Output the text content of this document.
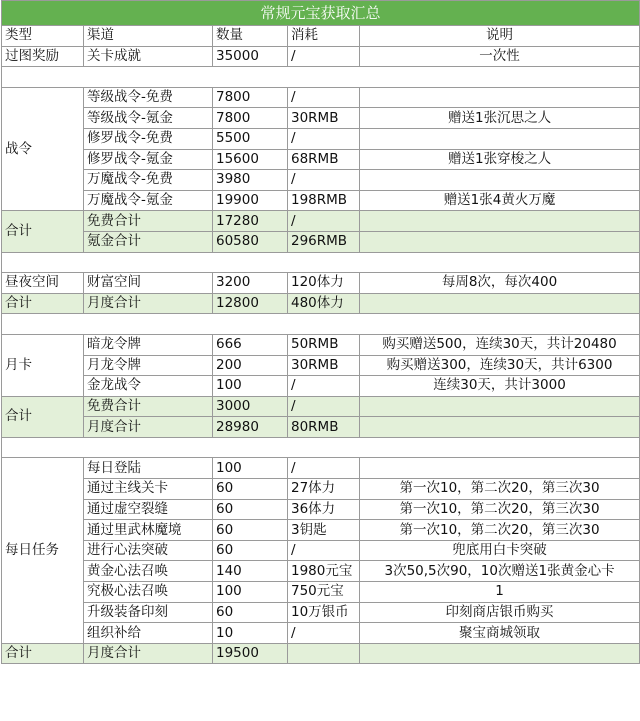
常规元宝获取汇总				
类型	渠道	数量	消耗	说明
过图奖励	关卡成就	35000	/	一次性

战令	等级战令-免费	7800	/	
	等级战令-氪金	7800	30RMB	赠送1张沉思之人
	修罗战令-免费	5500	/	
	修罗战令-氪金	15600	68RMB	赠送1张穿梭之人
	万魔战令-免费	3980	/	
	万魔战令-氪金	19900	198RMB	赠送1张4黄火万魔
合计	免费合计	17280	/	
	氪金合计	60580	296RMB	

昼夜空间	财富空间	3200	120体力	每周8次，每次400
合计	月度合计	12800	480体力	

月卡	暗龙令牌	666	50RMB	购买赠送500，连续30天，共计20480
	月龙令牌	200	30RMB	购买赠送300，连续30天，共计6300
	金龙战令	100	/	连续30天，共计3000
合计	免费合计	3000	/	
	月度合计	28980	80RMB	

每日任务	每日登陆	100	/	
	通过主线关卡	60	27体力	第一次10，第二次20，第三次30
	通过虚空裂缝	60	36体力	第一次10，第二次20，第三次30
	通过里武林魔境	60	3钥匙	第一次10，第二次20，第三次30
	进行心法突破	60	/	兜底用白卡突破
	黄金心法召唤	140	1980元宝	3次50,5次90，10次赠送1张黄金心卡
	究极心法召唤	100	750元宝	1
	升级装备印刻	60	10万银币	印刻商店银币购买
	组织补给	10	/	聚宝商城领取
合计	月度合计	19500		
